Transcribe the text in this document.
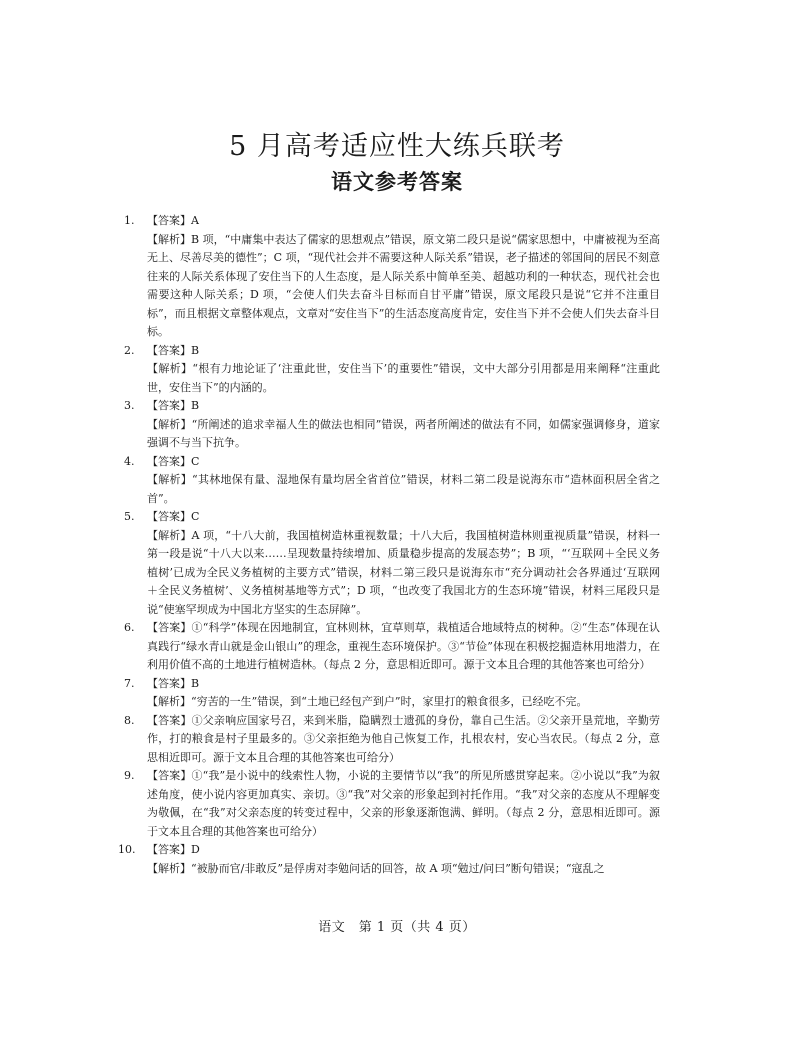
5 月高考适应性大练兵联考
语文参考答案
1.	【答案】A

【解析】B 项，“中庸集中表达了儒家的思想观点”错误，原文第二段只是说“儒家思想中，中庸被视为至高无上、尽善尽美的德性”；C 项，“现代社会并不需要这种人际关系”错误，老子描述的邻国间的居民不刻意往来的人际关系体现了安住当下的人生态度，是人际关系中简单至美、超越功利的一种状态，现代社会也需要这种人际关系；D 项，“会使人们失去奋斗目标而自甘平庸”错误，原文尾段只是说“它并不注重目标”，而且根据文章整体观点，文章对“安住当下”的生活态度高度肯定，安住当下并不会使人们失去奋斗目标。

2.	【答案】B

【解析】“根有力地论证了‘注重此世，安住当下’的重要性”错误，文中大部分引用都是用来阐释“注重此世，安住当下”的内涵的。

3.	【答案】B

【解析】“所阐述的追求幸福人生的做法也相同”错误，两者所阐述的做法有不同，如儒家强调修身，道家强调不与当下抗争。

4.	【答案】C

【解析】“其林地保有量、湿地保有量均居全省首位”错误，材料二第二段是说海东市“造林面积居全省之首”。

5.	【答案】C

【解析】A 项，“十八大前，我国植树造林重视数量；十八大后，我国植树造林则重视质量”错误，材料一第一段是说“十八大以来……呈现数量持续增加、质量稳步提高的发展态势”；B 项，“‘互联网＋全民义务植树’已成为全民义务植树的主要方式”错误，材料二第三段只是说海东市“充分调动社会各界通过‘互联网＋全民义务植树’、义务植树基地等方式”；D 项，“也改变了我国北方的生态环境”错误，材料三尾段只是说“使塞罕坝成为中国北方坚实的生态屏障”。

6.	【答案】①“科学”体现在因地制宜，宜林则林，宜草则草，栽植适合地域特点的树种。②“生态”体现在认真践行“绿水青山就是金山银山”的理念，重视生态环境保护。③“节俭”体现在积极挖掘造林用地潜力，在利用价值不高的土地进行植树造林。（每点 2 分，意思相近即可。源于文本且合理的其他答案也可给分）

7.	【答案】B

【解析】“穷苦的一生”错误，到“土地已经包产到户”时，家里打的粮食很多，已经吃不完。

8.	【答案】①父亲响应国家号召，来到米脂，隐瞒烈士遗孤的身份，靠自己生活。②父亲开垦荒地，辛勤劳作，打的粮食是村子里最多的。③父亲拒绝为他自己恢复工作，扎根农村，安心当农民。（每点 2 分，意思相近即可。源于文本且合理的其他答案也可给分）

9.	【答案】①“我”是小说中的线索性人物，小说的主要情节以“我”的所见所感贯穿起来。②小说以“我”为叙述角度，使小说内容更加真实、亲切。③“我”对父亲的形象起到衬托作用。“我”对父亲的态度从不理解变为敬佩，在“我”对父亲态度的转变过程中，父亲的形象逐渐饱满、鲜明。（每点 2 分，意思相近即可。源于文本且合理的其他答案也可给分）

10.	【答案】D

【解析】“被胁而官/非敢反”是俘虏对李勉问话的回答，故 A 项“勉过/问曰”断句错误；“寇乱之

语文　第 1 页（共 4 页）
